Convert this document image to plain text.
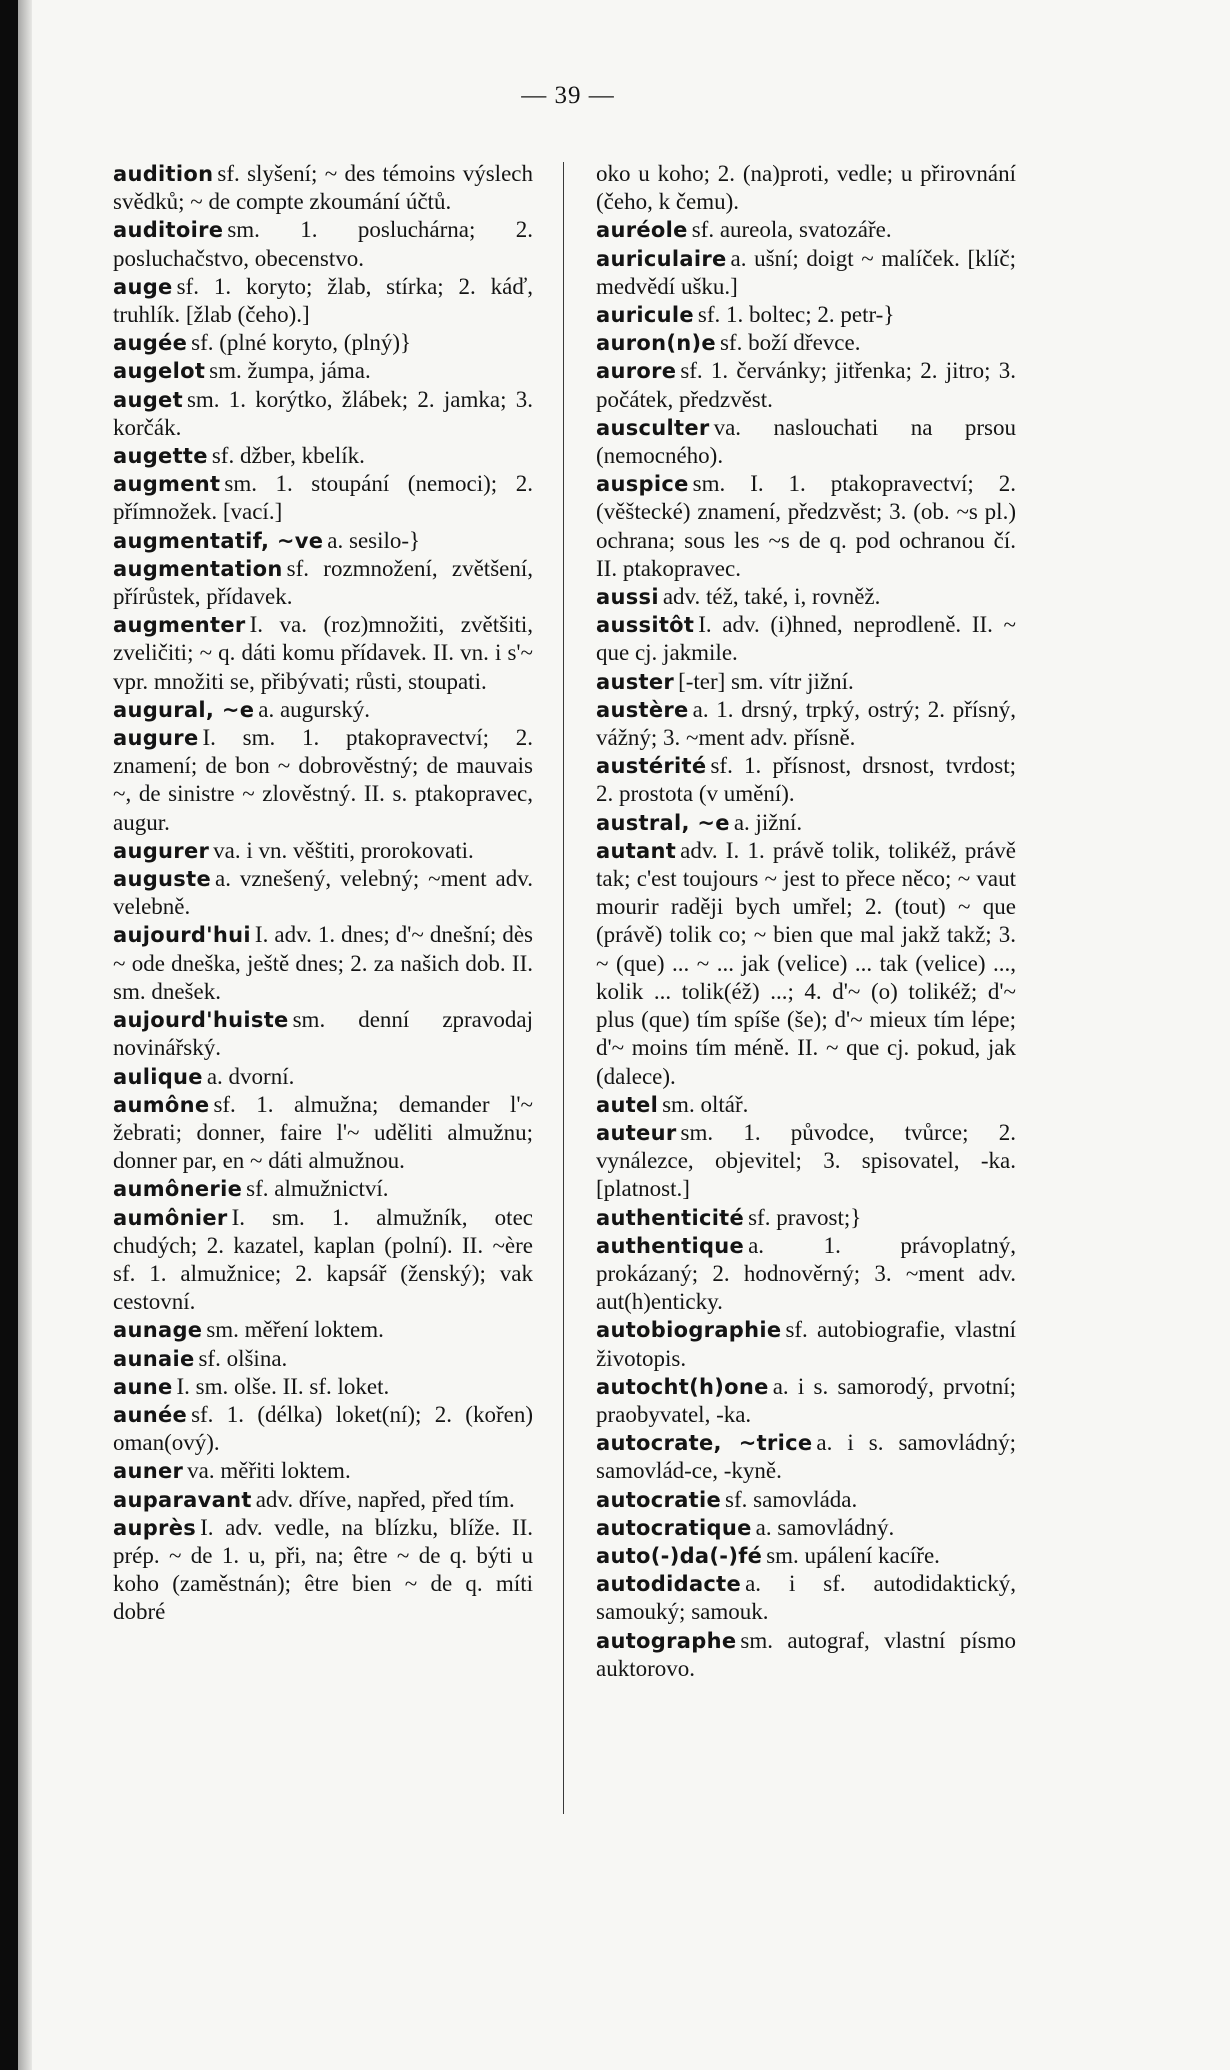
— 39 —
audition sf. slyšení; ~ des témoins výslech svědků; ~ de compte zkoumání účtů.
auditoire sm. 1. posluchárna; 2. posluchačstvo, obecenstvo.
auge sf. 1. koryto; žlab, stírka; 2. káď, truhlík. [žlab (čeho).]
augée sf. (plné koryto, (plný)}
augelot sm. žumpa, jáma.
auget sm. 1. korýtko, žlábek; 2. jamka; 3. korčák.
augette sf. džber, kbelík.
augment sm. 1. stoupání (nemoci); 2. přímnožek. [vací.]
augmentatif, ~ve a. sesilo-}
augmentation sf. rozmnožení, zvětšení, přírůstek, přídavek.
augmenter I. va. (roz)množiti, zvětšiti, zveličiti; ~ q. dáti komu přídavek. II. vn. i s'~ vpr. množiti se, přibývati; růsti, stoupati.
augural, ~e a. augurský.
augure I. sm. 1. ptakopravectví; 2. znamení; de bon ~ dobrověstný; de mauvais ~, de sinistre ~ zlověstný. II. s. ptakopravec, augur.
augurer va. i vn. věštiti, prorokovati.
auguste a. vznešený, velebný; ~ment adv. velebně.
aujourd'hui I. adv. 1. dnes; d'~ dnešní; dès ~ ode dneška, ještě dnes; 2. za našich dob. II. sm. dnešek.
aujourd'huiste sm. denní zpravodaj novinářský.
aulique a. dvorní.
aumône sf. 1. almužna; demander l'~ žebrati; donner, faire l'~ uděliti almužnu; donner par, en ~ dáti almužnou.
aumônerie sf. almužnictví.
aumônier I. sm. 1. almužník, otec chudých; 2. kazatel, kaplan (polní). II. ~ère sf. 1. almužnice; 2. kapsář (ženský); vak cestovní.
aunage sm. měření loktem.
aunaie sf. olšina.
aune I. sm. olše. II. sf. loket.
aunée sf. 1. (délka) loket(ní); 2. (kořen) oman(ový).
auner va. měřiti loktem.
auparavant adv. dříve, napřed, před tím.
auprès I. adv. vedle, na blízku, blíže. II. prép. ~ de 1. u, při, na; être ~ de q. býti u koho (zaměstnán); être bien ~ de q. míti dobré
oko u koho; 2. (na)proti, vedle; u přirovnání (čeho, k čemu).
auréole sf. aureola, svatozáře.
auriculaire a. ušní; doigt ~ malíček. [klíč; medvědí ušku.]
auricule sf. 1. boltec; 2. petr-}
auron(n)e sf. boží dřevce.
aurore sf. 1. červánky; jitřenka; 2. jitro; 3. počátek, předzvěst.
ausculter va. naslouchati na prsou (nemocného).
auspice sm. I. 1. ptakopravectví; 2. (věštecké) znamení, předzvěst; 3. (ob. ~s pl.) ochrana; sous les ~s de q. pod ochranou čí. II. ptakopravec.
aussi adv. též, také, i, rovněž.
aussitôt I. adv. (i)hned, neprodleně. II. ~ que cj. jakmile.
auster [-ter] sm. vítr jižní.
austère a. 1. drsný, trpký, ostrý; 2. přísný, vážný; 3. ~ment adv. přísně.
austérité sf. 1. přísnost, drsnost, tvrdost; 2. prostota (v umění).
austral, ~e a. jižní.
autant adv. I. 1. právě tolik, tolikéž, právě tak; c'est toujours ~ jest to přece něco; ~ vaut mourir raději bych umřel; 2. (tout) ~ que (právě) tolik co; ~ bien que mal jakž takž; 3. ~ (que) ... ~ ... jak (velice) ... tak (velice) ..., kolik ... tolik(éž) ...; 4. d'~ (o) tolikéž; d'~ plus (que) tím spíše (še); d'~ mieux tím lépe; d'~ moins tím méně. II. ~ que cj. pokud, jak (dalece).
autel sm. oltář.
auteur sm. 1. původce, tvůrce; 2. vynálezce, objevitel; 3. spisovatel, -ka. [platnost.]
authenticité sf. pravost;}
authentique a. 1. právoplatný, prokázaný; 2. hodnověrný; 3. ~ment adv. aut(h)enticky.
autobiographie sf. autobiografie, vlastní životopis.
autocht(h)one a. i s. samorodý, prvotní; praobyvatel, -ka.
autocrate, ~trice a. i s. samovládný; samovlád-ce, -kyně.
autocratie sf. samovláda.
autocratique a. samovládný.
auto(-)da(-)fé sm. upálení kacíře.
autodidacte a. i sf. autodidaktický, samouký; samouk.
autographe sm. autograf, vlastní písmo auktorovo.
